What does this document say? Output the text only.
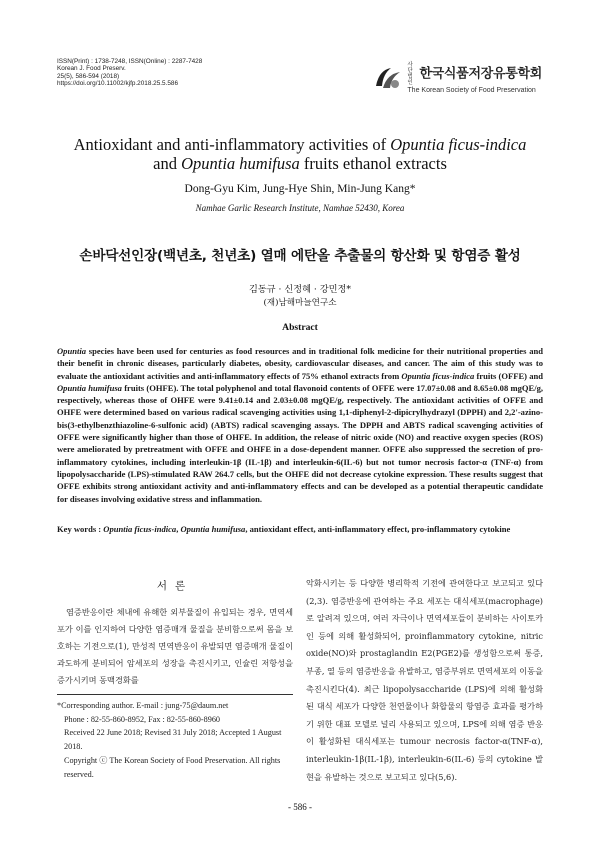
ISSN(Print) : 1738-7248, ISSN(Online) : 2287-7428
Korean J. Food Preserv.
25(5), 586-594 (2018)
https://doi.org/10.11002/kjfp.2018.25.5.586
사단법인한국식품저장유통학회
The Korean Society of Food Preservation
Antioxidant and anti-inflammatory activities of Opuntia ficus-indica
and Opuntia humifusa fruits ethanol extracts
Dong-Gyu Kim, Jung-Hye Shin, Min-Jung Kang*
Namhae Garlic Research Institute, Namhae 52430, Korea
손바닥선인장(백년초, 천년초) 열매 에탄올 추출물의 항산화 및 항염증 활성
김동규 · 신정혜 · 강민정*
(재)남해마늘연구소
Abstract
Opuntia species have been used for centuries as food resources and in traditional folk medicine for their nutritional properties and their benefit in chronic diseases, particularly diabetes, obesity, cardiovascular diseases, and cancer. The aim of this study was to evaluate the antioxidant activities and anti-inflammatory effects of 75% ethanol extracts from Opuntia ficus-indica fruits (OFFE) and Opuntia humifusa fruits (OHFE). The total polyphenol and total flavonoid contents of OFFE were 17.07±0.08 and 8.65±0.08 mgQE/g, respectively, whereas those of OHFE were 9.41±0.14 and 2.03±0.08 mgQE/g, respectively. The antioxidant activities of OFFE and OHFE were determined based on various radical scavenging activities using 1,1-diphenyl-2-dipicrylhydrazyl (DPPH) and 2,2'-azino-bis(3-ethylbenzthiazoline-6-sulfonic acid) (ABTS) radical scavenging assays. The DPPH and ABTS radical scavenging activities of OFFE were significantly higher than those of OHFE. In addition, the release of nitric oxide (NO) and reactive oxygen species (ROS) were ameliorated by pretreatment with OFFE and OHFE in a dose-dependent manner. OFFE also suppressed the secretion of pro-inflammatory cytokines, including interleukin-1β (IL-1β) and interleukin-6(IL-6) but not tumor necrosis factor-α (TNF-α) from lipopolysaccharide (LPS)-stimulated RAW 264.7 cells, but the OHFE did not decrease cytokine expression. These results suggest that OFFE exhibits strong antioxidant activity and anti-inflammatory effects and can be developed as a potential therapeutic candidate for diseases involving oxidative stress and inflammation.
Key words : Opuntia ficus-indica, Opuntia humifusa, antioxidant effect, anti-inflammatory effect, pro-inflammatory cytokine
서론

염증반응이란 체내에 유해한 외부물질이 유입되는 경우, 면역세포가 이를 인지하여 다양한 염증매개 물질을 분비함으로써 몸을 보호하는 기전으로(1), 만성적 면역반응이 유발되면 염증매개 물질이 과도하게 분비되어 암세포의 성장을 촉진시키고, 인슐린 저항성을 증가시키며 동맥경화를

악화시키는 등 다양한 병리학적 기전에 관여한다고 보고되고 있다(2,3). 염증반응에 관여하는 주요 세포는 대식세포(macrophage)로 알려져 있으며, 여러 자극이나 면역세포들이 분비하는 사이토카인 등에 의해 활성화되어, proinflammatory cytokine, nitric oxide(NO)와 prostaglandin E2(PGE2)를 생성함으로써 통증, 부종, 열 등의 염증반응을 유발하고, 염증부위로 면역세포의 이동을 촉진시킨다(4). 최근 lipopolysaccharide (LPS)에 의해 활성화된 대식 세포가 다양한 천연물이나 화합물의 항염증 효과를 평가하기 위한 대표 모델로 널리 사용되고 있으며, LPS에 의해 염증 반응이 활성화된 대식세포는 tumour necrosis factor-α(TNF-α), interleukin-1β(IL-1β), interleukin-6(IL-6) 등의 cytokine 발현을 유발하는 것으로 보고되고 있다(5,6).

*Corresponding author. E-mail : jung-75@daum.net
Phone : 82-55-860-8952, Fax : 82-55-860-8960
Received 22 June 2018; Revised 31 July 2018; Accepted 1 August 2018.
Copyright ⓒ The Korean Society of Food Preservation. All rights reserved.
- 586 -
